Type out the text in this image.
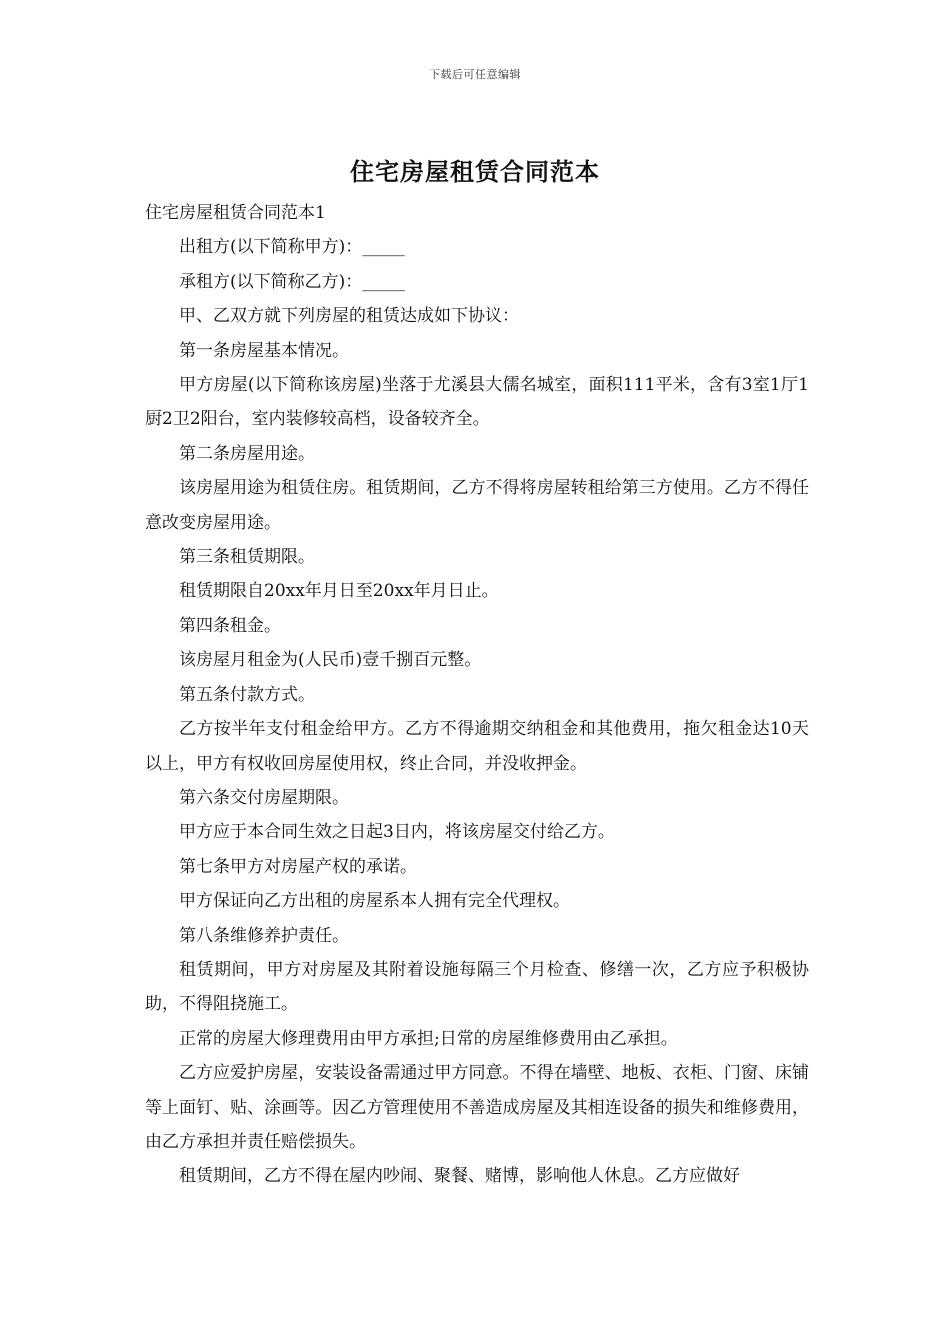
下载后可任意编辑
住宅房屋租赁合同范本

住宅房屋租赁合同范本1

出租方(以下简称甲方)：_____

承租方(以下简称乙方)：_____

甲、乙双方就下列房屋的租赁达成如下协议：

第一条房屋基本情况。

甲方房屋(以下简称该房屋)坐落于尤溪县大儒名城室，面积111平米，含有3室1厅1厨2卫2阳台，室内装修较高档，设备较齐全。

第二条房屋用途。

该房屋用途为租赁住房。租赁期间，乙方不得将房屋转租给第三方使用。乙方不得任意改变房屋用途。

第三条租赁期限。

租赁期限自20xx年月日至20xx年月日止。

第四条租金。

该房屋月租金为(人民币)壹千捌百元整。

第五条付款方式。

乙方按半年支付租金给甲方。乙方不得逾期交纳租金和其他费用，拖欠租金达10天以上，甲方有权收回房屋使用权，终止合同，并没收押金。

第六条交付房屋期限。

甲方应于本合同生效之日起3日内，将该房屋交付给乙方。

第七条甲方对房屋产权的承诺。

甲方保证向乙方出租的房屋系本人拥有完全代理权。

第八条维修养护责任。

租赁期间，甲方对房屋及其附着设施每隔三个月检查、修缮一次，乙方应予积极协助，不得阻挠施工。

正常的房屋大修理费用由甲方承担;日常的房屋维修费用由乙承担。

乙方应爱护房屋，安装设备需通过甲方同意。不得在墙壁、地板、衣柜、门窗、床铺等上面钉、贴、涂画等。因乙方管理使用不善造成房屋及其相连设备的损失和维修费用，由乙方承担并责任赔偿损失。

租赁期间，乙方不得在屋内吵闹、聚餐、赌博，影响他人休息。乙方应做好
